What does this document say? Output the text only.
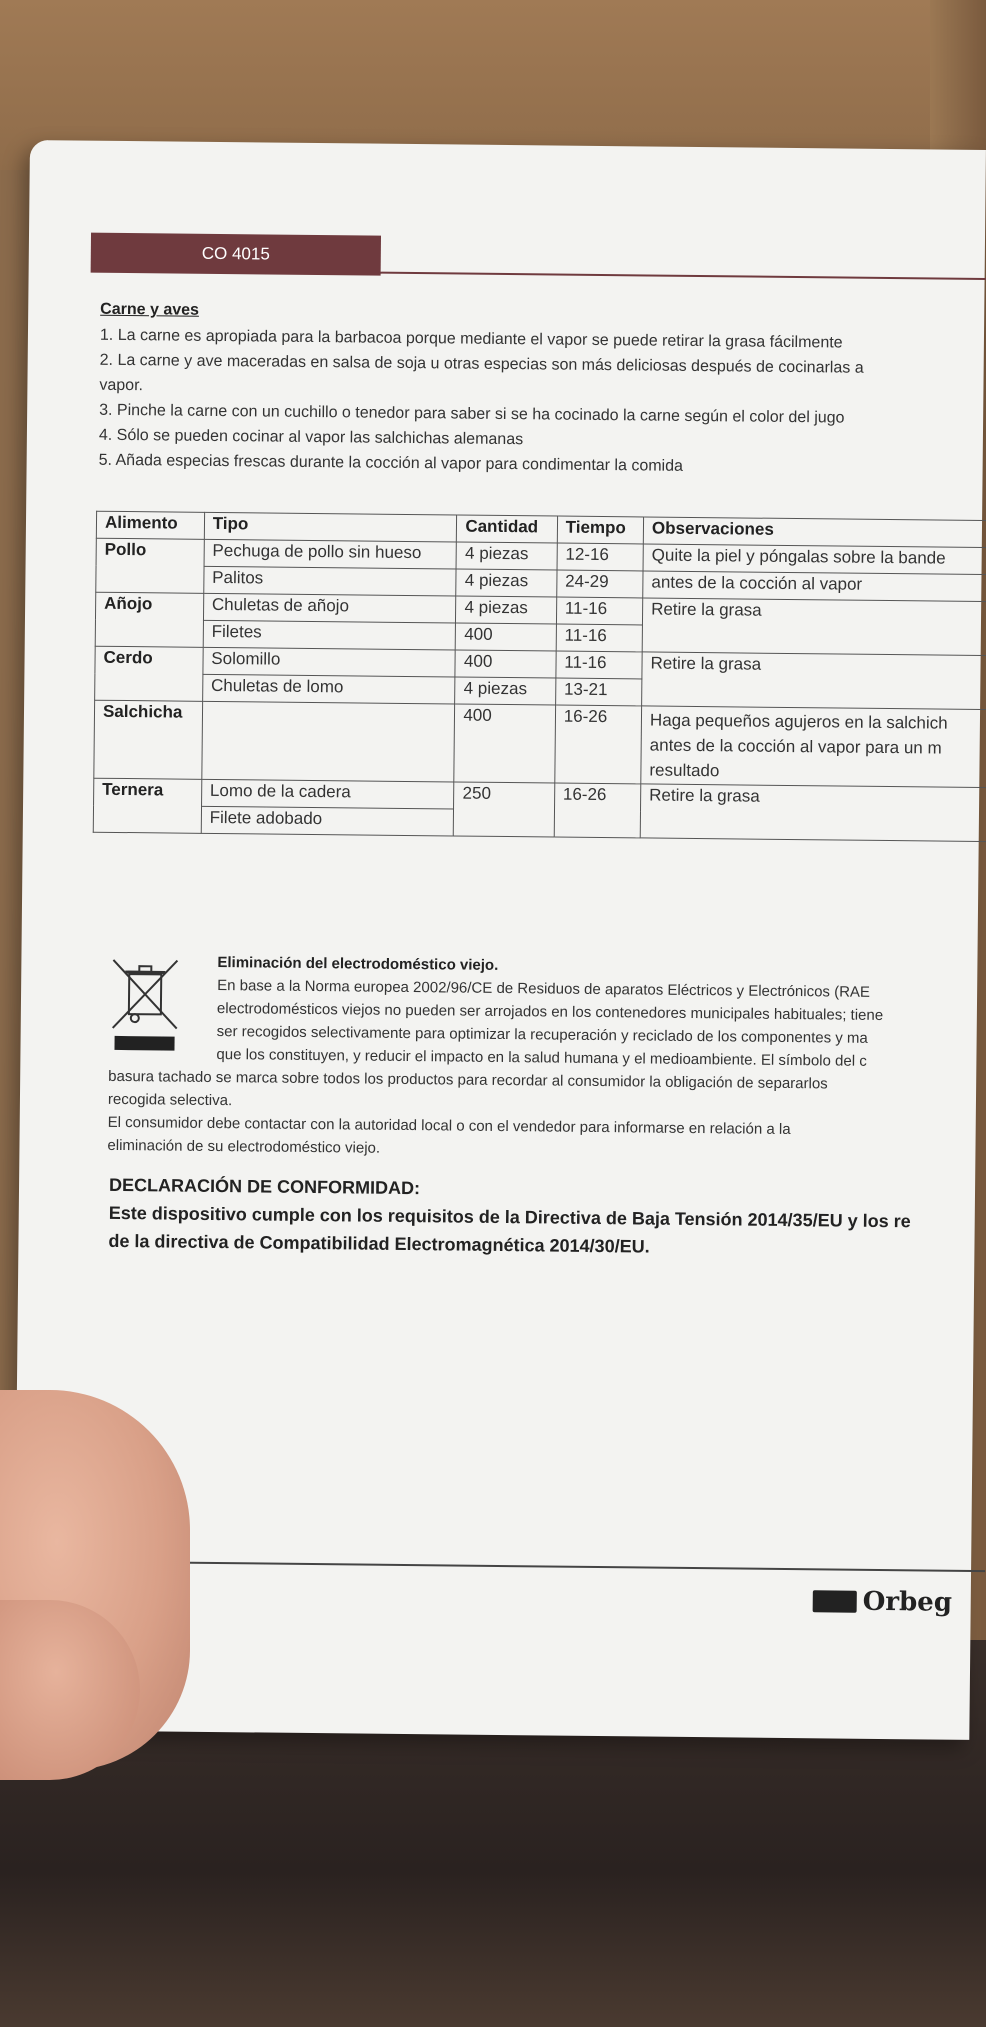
CO 4015
Carne y aves
1. La carne es apropiada para la barbacoa porque mediante el vapor se puede retirar la grasa fácilmente
2. La carne y ave maceradas en salsa de soja u otras especias son más deliciosas después de cocinarlas a
vapor.
3. Pinche la carne con un cuchillo o tenedor para saber si se ha cocinado la carne según el color del jugo
4. Sólo se pueden cocinar al vapor las salchichas alemanas
5. Añada especias frescas durante la cocción al vapor para condimentar la comida
Alimento	Tipo	Cantidad	Tiempo	Observaciones
Pollo	Pechuga de pollo sin hueso	4 piezas	12-16	Quite la piel y póngalas sobre la bande
	Palitos	4 piezas	24-29	antes de la cocción al vapor
Añojo	Chuletas de añojo	4 piezas	11-16	Retire la grasa
	Filetes	400	11-16	
Cerdo	Solomillo	400	11-16	Retire la grasa
	Chuletas de lomo	4 piezas	13-21	
Salchicha		400	16-26	Haga pequeños agujeros en la salchich
antes de la cocción al vapor para un m
resultado

Ternera	Lomo de la cadera	250	16-26	Retire la grasa
	Filete adobado			
Eliminación del electrodoméstico viejo.
En base a la Norma europea 2002/96/CE de Residuos de aparatos Eléctricos y Electrónicos (RAE
electrodomésticos viejos no pueden ser arrojados en los contenedores municipales habituales; tiene
ser recogidos selectivamente para optimizar la recuperación y reciclado de los componentes y ma
que los constituyen, y reducir el impacto en la salud humana y el medioambiente. El símbolo del c
basura tachado se marca sobre todos los productos para recordar al consumidor la obligación de separarlos
recogida selectiva.
El consumidor debe contactar con la autoridad local o con el vendedor para informarse en relación a la
eliminación de su electrodoméstico viejo.
DECLARACIÓN DE CONFORMIDAD:
Este dispositivo cumple con los requisitos de la Directiva de Baja Tensión 2014/35/EU y los re
de la directiva de Compatibilidad Electromagnética 2014/30/EU.
Orbeg
